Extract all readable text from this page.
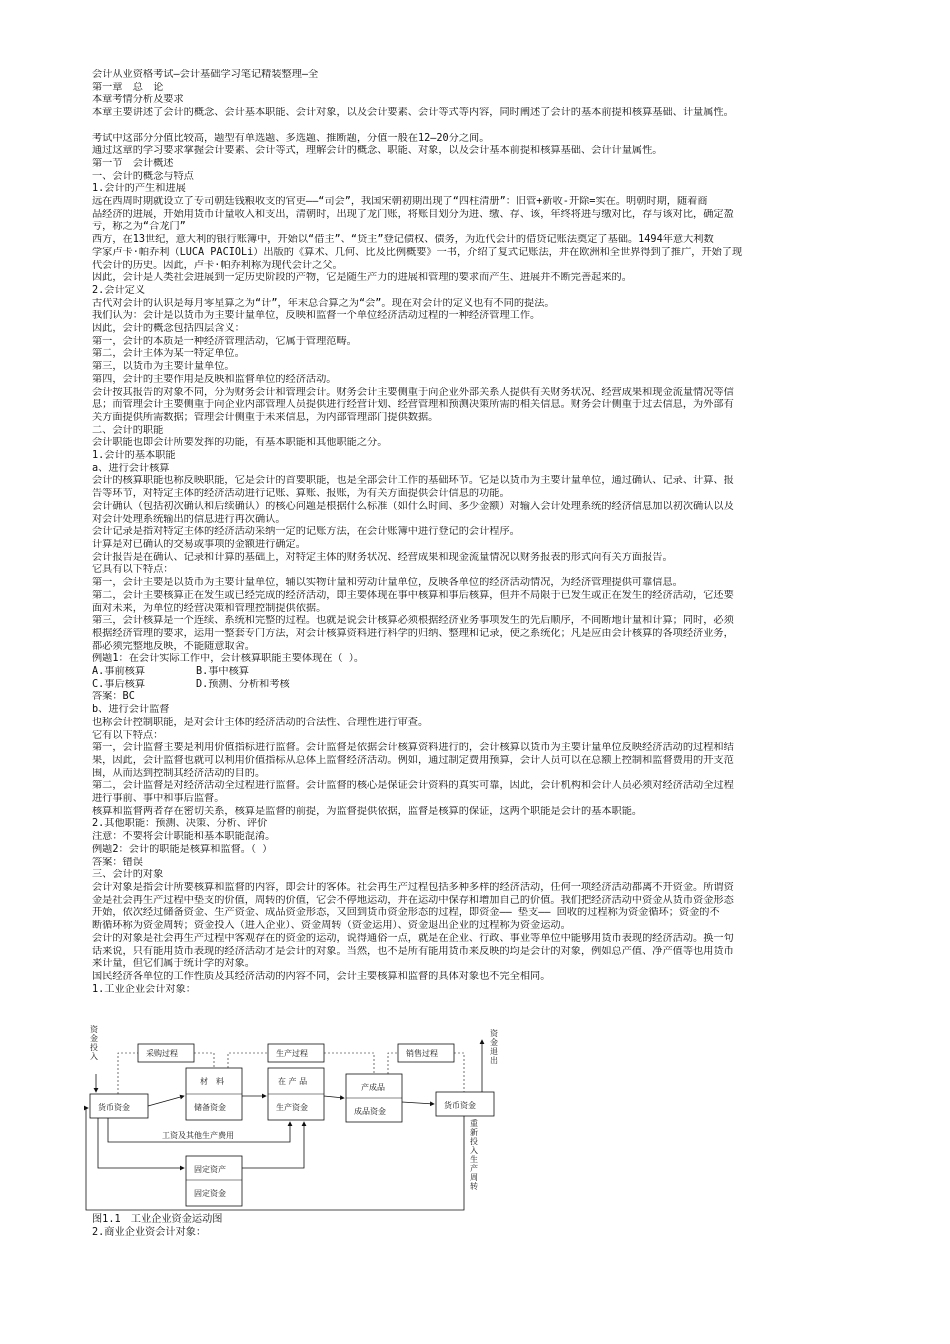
会计从业资格考试—会计基础学习笔记精装整理—全
第一章　总　论
本章考情分析及要求
本章主要讲述了会计的概念、会计基本职能、会计对象，以及会计要素、会计等式等内容，同时阐述了会计的基本前提和核算基础、计量属性。
考试中这部分分值比较高，题型有单选题、多选题、推断题，分值一般在12—20分之间。
通过这章的学习要求掌握会计要素、会计等式，理解会计的概念、职能、对象，以及会计基本前提和核算基础、会计计量属性。
第一节　会计概述
一、会计的概念与特点
1.会计的产生和进展
远在西周时期就设立了专司朝廷钱粮收支的官吏——“司会”，我国宋朝初期出现了“四柱清册”：旧管+新收-开除=实在。明朝时期，随着商
品经济的进展，开始用货币计量收入和支出，清朝时，出现了龙门账，将账目划分为进、缴、存、该，年终将进与缴对比，存与该对比，确定盈
亏，称之为“合龙门”
西方，在13世纪，意大利的银行账簿中，开始以“借主”、“贷主”登记债权、债务，为近代会计的借贷记账法奠定了基础。1494年意大利数
学家卢卡·帕乔利（LUCA PACIOLi）出版的《算术、几何、比及比例概要》一书，介绍了复式记账法，并在欧洲和全世界得到了推广，开始了现
代会计的历史。因此，卢卡·帕乔利称为现代会计之父。
因此，会计是人类社会进展到一定历史阶段的产物，它是随生产力的进展和管理的要求而产生、进展并不断完善起来的。
2.会计定义
古代对会计的认识是每月零星算之为“计”，年末总合算之为“会”。现在对会计的定义也有不同的提法。
我们认为：会计是以货币为主要计量单位，反映和监督一个单位经济活动过程的一种经济管理工作。
因此，会计的概念包括四层含义：
第一，会计的本质是一种经济管理活动，它属于管理范畴。
第二，会计主体为某一特定单位。
第三，以货币为主要计量单位。
第四，会计的主要作用是反映和监督单位的经济活动。
会计按其报告的对象不同，分为财务会计和管理会计。财务会计主要侧重于向企业外部关系人提供有关财务状况、经营成果和现金流量情况等信
息；而管理会计主要侧重于向企业内部管理人员提供进行经营计划、经营管理和预测决策所需的相关信息。财务会计侧重于过去信息，为外部有
关方面提供所需数据；管理会计侧重于未来信息，为内部管理部门提供数据。
二、会计的职能
会计职能也即会计所要发挥的功能，有基本职能和其他职能之分。
1.会计的基本职能
a、进行会计核算
会计的核算职能也称反映职能，它是会计的首要职能，也是全部会计工作的基础环节。它是以货币为主要计量单位，通过确认、记录、计算、报
告等环节，对特定主体的经济活动进行记账、算账、报账，为有关方面提供会计信息的功能。
会计确认（包括初次确认和后续确认）的核心问题是根据什么标准（如什么时间、多少金额）对输入会计处理系统的经济信息加以初次确认以及
对会计处理系统输出的信息进行再次确认。
会计记录是指对特定主体的经济活动采纳一定的记账方法，在会计账簿中进行登记的会计程序。
计算是对已确认的交易或事项的金额进行确定。
会计报告是在确认、记录和计算的基础上，对特定主体的财务状况、经营成果和现金流量情况以财务报表的形式向有关方面报告。
它具有以下特点：
第一，会计主要是以货币为主要计量单位，辅以实物计量和劳动计量单位，反映各单位的经济活动情况，为经济管理提供可靠信息。
第二，会计主要核算正在发生或已经完成的经济活动，即主要体现在事中核算和事后核算，但并不局限于已发生或正在发生的经济活动，它还要
面对未来，为单位的经营决策和管理控制提供依据。
第三，会计核算是一个连续、系统和完整的过程。也就是说会计核算必须根据经济业务事项发生的先后顺序，不间断地计量和计算；同时，必须
根据经济管理的要求，运用一整套专门方法，对会计核算资料进行科学的归纳、整理和记录，使之系统化；凡是应由会计核算的各项经济业务，
都必须完整地反映，不能随意取舍。
例题1：在会计实际工作中，会计核算职能主要体现在（ ）。
A.事前核算　　　　　B.事中核算
C.事后核算　　　　　D.预测、分析和考核
答案：BC
b、进行会计监督
也称会计控制职能，是对会计主体的经济活动的合法性、合理性进行审查。
它有以下特点：
第一，会计监督主要是利用价值指标进行监督。会计监督是依据会计核算资料进行的，会计核算以货币为主要计量单位反映经济活动的过程和结
果，因此，会计监督也就可以利用价值指标从总体上监督经济活动。例如，通过制定费用预算，会计人员可以在总额上控制和监督费用的开支范
围，从而达到控制其经济活动的目的。
第二，会计监督是对经济活动全过程进行监督。会计监督的核心是保证会计资料的真实可靠，因此，会计机构和会计人员必须对经济活动全过程
进行事前、事中和事后监督。
核算和监督两者存在密切关系，核算是监督的前提，为监督提供依据，监督是核算的保证，这两个职能是会计的基本职能。
2.其他职能：预测、决策、分析、评价
注意：不要将会计职能和基本职能混淆。
例题2：会计的职能是核算和监督。（ ）
答案：错误
三、会计的对象
会计对象是指会计所要核算和监督的内容，即会计的客体。社会再生产过程包括多种多样的经济活动，任何一项经济活动都离不开资金。所谓资
金是社会再生产过程中垫支的价值，周转的价值，它会不停地运动，并在运动中保存和增加自己的价值。我们把经济活动中资金从货币资金形态
开始，依次经过储备资金、生产资金、成品资金形态，又回到货币资金形态的过程，即资金—— 垫支—— 回收的过程称为资金循环；资金的不
断循环称为资金周转；资金投入（进入企业）、资金周转（资金运用）、资金退出企业的过程称为资金运动。
会计的对象是社会再生产过程中客观存在的资金的运动，说得通俗一点，就是在企业、行政、事业等单位中能够用货币表现的经济活动。换一句
话来说，只有能用货币表现的经济活动才是会计的对象。当然，也不是所有能用货币来反映的均是会计的对象，例如总产值、净产值等也用货币
来计量，但它们属于统计学的对象。
国民经济各单位的工作性质及其经济活动的内容不同，会计主要核算和监督的具体对象也不完全相同。
1.工业企业会计对象：
资金投入
货币资金
采购过程
材　料
储备资金
生产过程
在 产 品
生产资金
产成品
成品资金
销售过程
货币资金
资金退出
工资及其他生产费用
固定资产
固定资金
重新投入生产周转
图1.1　工业企业资金运动图
2.商业企业资会计对象：
